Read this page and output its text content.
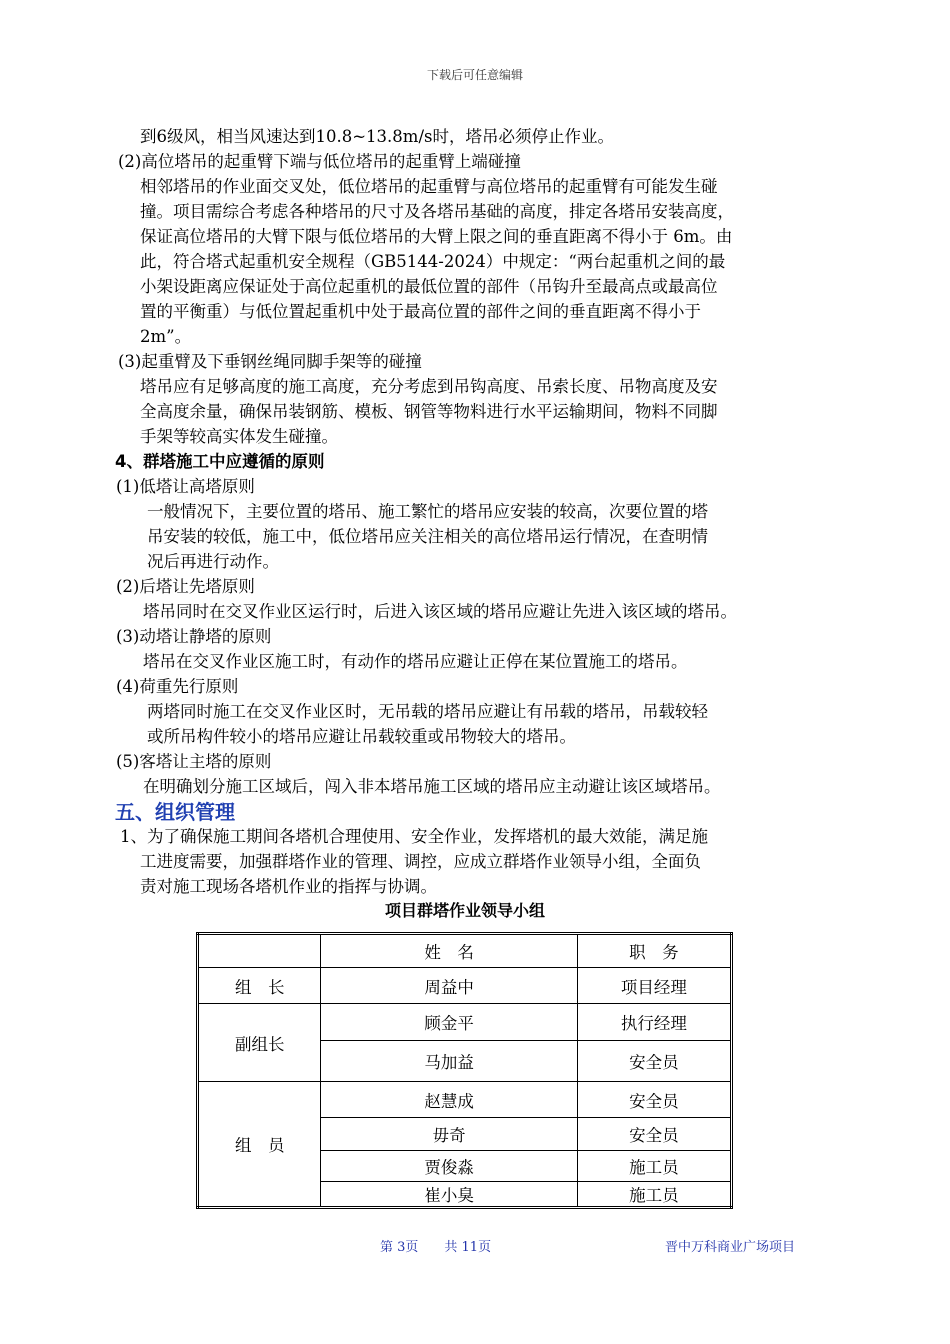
下载后可任意编辑
到6级风，相当风速达到10.8~13.8m/s时，塔吊必须停止作业。
(2)高位塔吊的起重臂下端与低位塔吊的起重臂上端碰撞
相邻塔吊的作业面交叉处，低位塔吊的起重臂与高位塔吊的起重臂有可能发生碰
撞。项目需综合考虑各种塔吊的尺寸及各塔吊基础的高度，排定各塔吊安装高度，
保证高位塔吊的大臂下限与低位塔吊的大臂上限之间的垂直距离不得小于 6m。由
此，符合塔式起重机安全规程（GB5144-2024）中规定：“两台起重机之间的最
小架设距离应保证处于高位起重机的最低位置的部件（吊钩升至最高点或最高位
置的平衡重）与低位置起重机中处于最高位置的部件之间的垂直距离不得小于
2m”。
(3)起重臂及下垂钢丝绳同脚手架等的碰撞
塔吊应有足够高度的施工高度，充分考虑到吊钩高度、吊索长度、吊物高度及安
全高度余量，确保吊装钢筋、模板、钢管等物料进行水平运输期间，物料不同脚
手架等较高实体发生碰撞。
4、群塔施工中应遵循的原则
(1)低塔让高塔原则
一般情况下，主要位置的塔吊、施工繁忙的塔吊应安装的较高，次要位置的塔
吊安装的较低，施工中，低位塔吊应关注相关的高位塔吊运行情况，在查明情
况后再进行动作。
(2)后塔让先塔原则
塔吊同时在交叉作业区运行时，后进入该区域的塔吊应避让先进入该区域的塔吊。
(3)动塔让静塔的原则
塔吊在交叉作业区施工时，有动作的塔吊应避让正停在某位置施工的塔吊。
(4)荷重先行原则
两塔同时施工在交叉作业区时，无吊载的塔吊应避让有吊载的塔吊，吊载较轻
或所吊构件较小的塔吊应避让吊载较重或吊物较大的塔吊。
(5)客塔让主塔的原则
在明确划分施工区域后，闯入非本塔吊施工区域的塔吊应主动避让该区域塔吊。
五、组织管理
1、为了确保施工期间各塔机合理使用、安全作业，发挥塔机的最大效能，满足施
工进度需要，加强群塔作业的管理、调控，应成立群塔作业领导小组，全面负
责对施工现场各塔机作业的指挥与协调。
项目群塔作业领导小组
	姓　名	职　务
组　长	周益中	项目经理
副组长	顾金平	执行经理
	马加益	安全员
组　员	赵慧成	安全员
	毋奇	安全员
	贾俊淼	施工员
	崔小臭	施工员
第 3页　　共 11页	晋中万科商业广场项目
